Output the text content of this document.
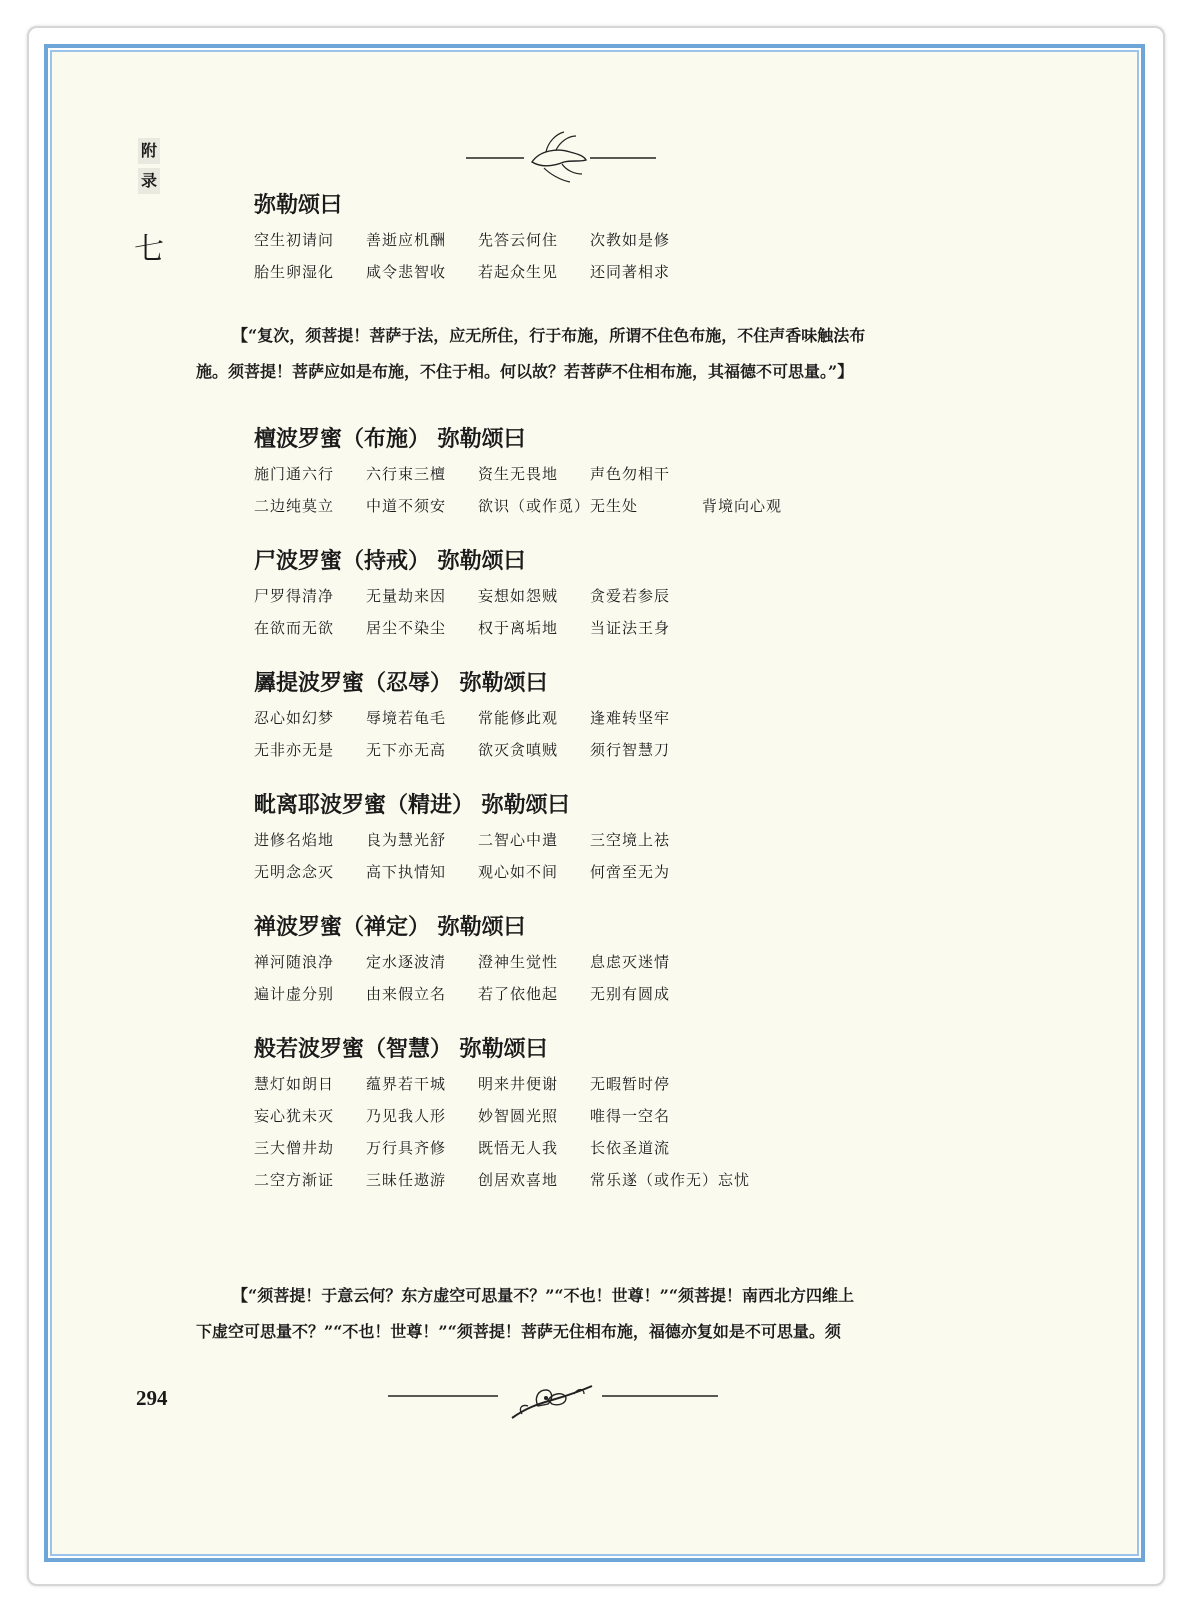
附
录
七
弥勒颂曰
空生初请问	善逝应机酬	先答云何住	次教如是修
胎生卵湿化	咸令悲智收	若起众生见	还同著相求
【“复次，须菩提！菩萨于法，应无所住，行于布施，所谓不住色布施，不住声香味触法布
施。须菩提！菩萨应如是布施，不住于相。何以故？若菩萨不住相布施，其福德不可思量。”】
檀波罗蜜（布施） 弥勒颂曰
施门通六行	六行束三檀	资生无畏地	声色勿相干
二边纯莫立	中道不须安	欲识（或作觅）无生处	背境向心观
尸波罗蜜（持戒） 弥勒颂曰
尸罗得清净	无量劫来因	妄想如怨贼	贪爱若参辰
在欲而无欲	居尘不染尘	权于离垢地	当证法王身
羼提波罗蜜（忍辱） 弥勒颂曰
忍心如幻梦	辱境若龟毛	常能修此观	逢难转坚牢
无非亦无是	无下亦无高	欲灭贪嗔贼	须行智慧刀
毗离耶波罗蜜（精进） 弥勒颂曰
进修名焰地	良为慧光舒	二智心中遣	三空境上祛
无明念念灭	高下执情知	观心如不间	何啻至无为
禅波罗蜜（禅定） 弥勒颂曰
禅河随浪净	定水逐波清	澄神生觉性	息虑灭迷情
遍计虚分别	由来假立名	若了依他起	无别有圆成
般若波罗蜜（智慧） 弥勒颂曰
慧灯如朗日	蕴界若干城	明来井便谢	无暇暂时停
妄心犹未灭	乃见我人形	妙智圆光照	唯得一空名
三大僧井劫	万行具齐修	既悟无人我	长依圣道流
二空方渐证	三昧任遨游	创居欢喜地	常乐遂（或作无）忘忧
【“须菩提！于意云何？东方虚空可思量不？”“不也！世尊！”“须菩提！南西北方四维上
下虚空可思量不？”“不也！世尊！”“须菩提！菩萨无住相布施，福德亦复如是不可思量。须
294
